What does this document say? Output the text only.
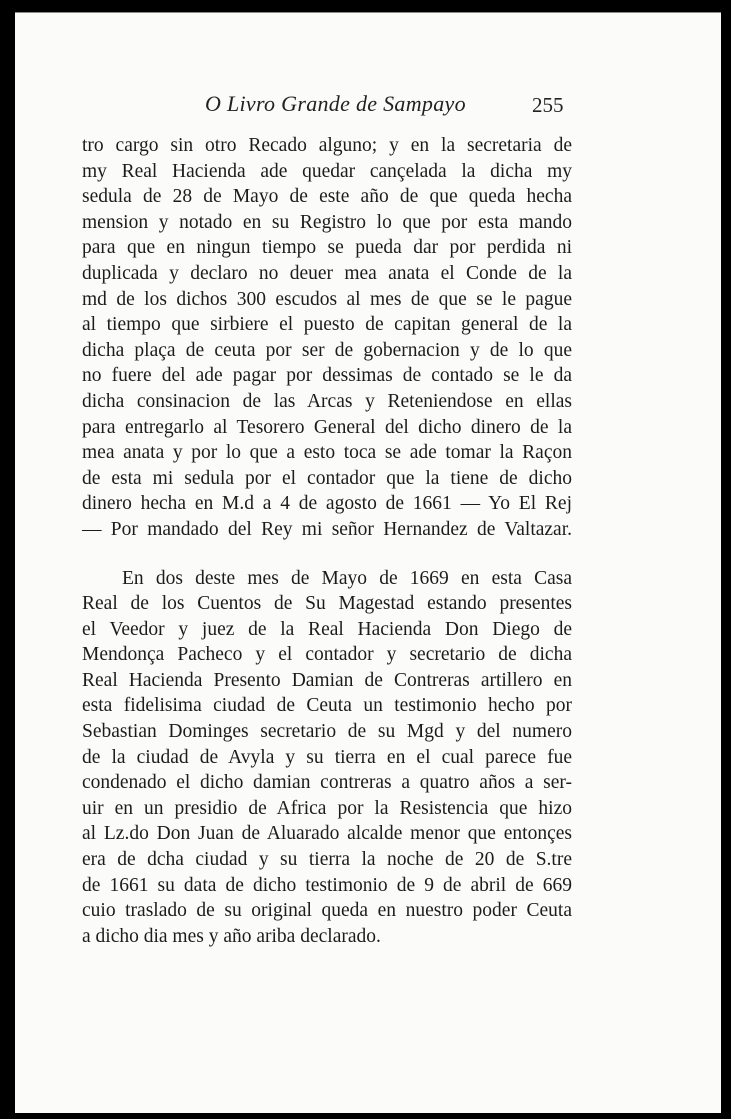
O Livro Grande de Sampayo	255
tro cargo sin otro Recado alguno; y en la secretaria de
my Real Hacienda ade quedar cançelada la dicha my
sedula de 28 de Mayo de este año de que queda hecha
mension y notado en su Registro lo que por esta mando
para que en ningun tiempo se pueda dar por perdida ni
duplicada y declaro no deuer mea anata el Conde de la
md de los dichos 300 escudos al mes de que se le pague
al tiempo que sirbiere el puesto de capitan general de la
dicha plaça de ceuta por ser de gobernacion y de lo que
no fuere del ade pagar por dessimas de contado se le da
dicha consinacion de las Arcas y Reteniendose en ellas
para entregarlo al Tesorero General del dicho dinero de la
mea anata y por lo que a esto toca se ade tomar la Raçon
de esta mi sedula por el contador que la tiene de dicho
dinero hecha en M.d a 4 de agosto de 1661 — Yo El Rej
— Por mandado del Rey mi señor Hernandez de Valtazar.
En dos deste mes de Mayo de 1669 en esta Casa
Real de los Cuentos de Su Magestad estando presentes
el Veedor y juez de la Real Hacienda Don Diego de
Mendonça Pacheco y el contador y secretario de dicha
Real Hacienda Presento Damian de Contreras artillero en
esta fidelisima ciudad de Ceuta un testimonio hecho por
Sebastian Dominges secretario de su Mgd y del numero
de la ciudad de Avyla y su tierra en el cual parece fue
condenado el dicho damian contreras a quatro años a ser-
uir en un presidio de Africa por la Resistencia que hizo
al Lz.do Don Juan de Aluarado alcalde menor que entonçes
era de dcha ciudad y su tierra la noche de 20 de S.tre
de 1661 su data de dicho testimonio de 9 de abril de 669
cuio traslado de su original queda en nuestro poder Ceuta
a dicho dia mes y año ariba declarado.
